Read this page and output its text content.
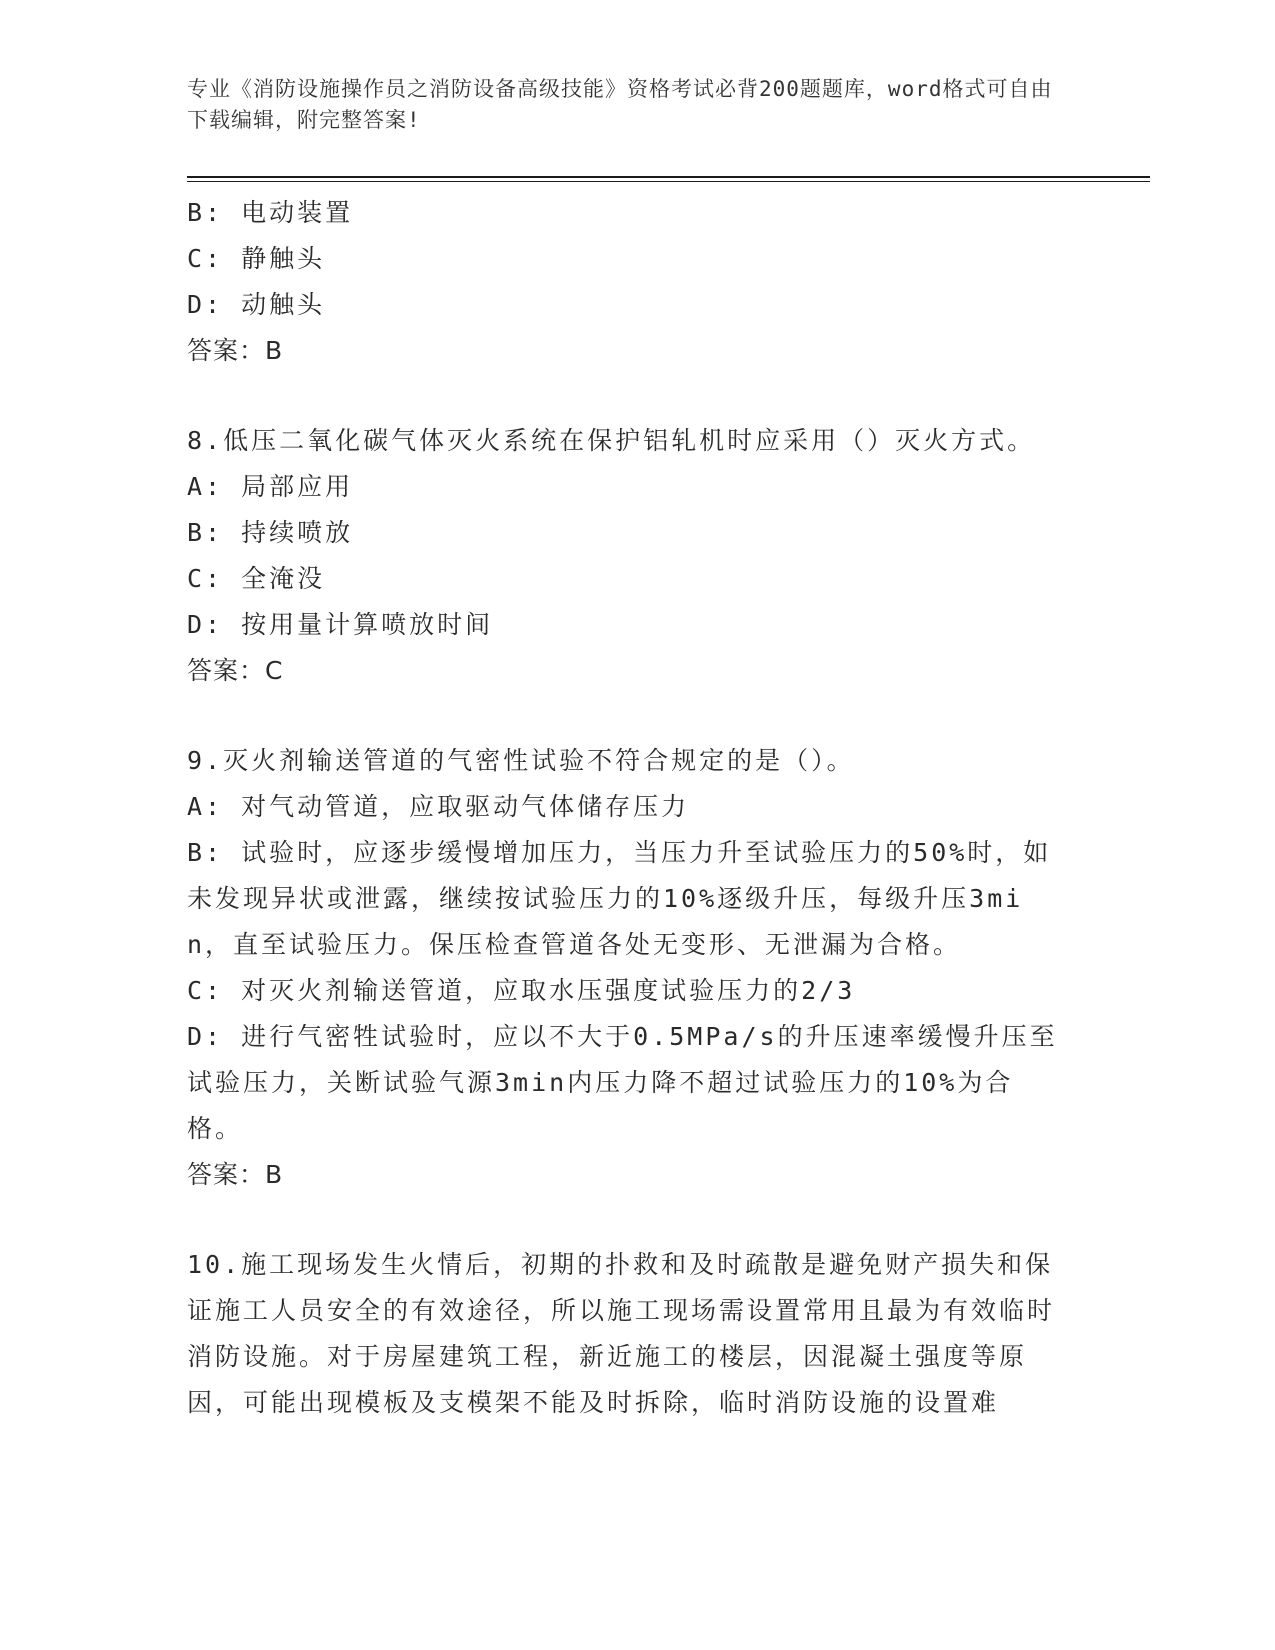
专业《消防设施操作员之消防设备高级技能》资格考试必背200题题库，word格式可自由下载编辑，附完整答案!
B: 电动装置
C: 静触头
D: 动触头
答案：B
8.低压二氧化碳气体灭火系统在保护铝轧机时应采用（）灭火方式。
A: 局部应用
B: 持续喷放
C: 全淹没
D: 按用量计算喷放时间
答案：C
9.灭火剂输送管道的气密性试验不符合规定的是（）。
A: 对气动管道，应取驱动气体储存压力
B: 试验时，应逐步缓慢增加压力，当压力升至试验压力的50%时，如未发现异状或泄露，继续按试验压力的10%逐级升压，每级升压3min，直至试验压力。保压检查管道各处无变形、无泄漏为合格。
C: 对灭火剂输送管道，应取水压强度试验压力的2/3
D: 进行气密牲试验时，应以不大于0.5MPa/s的升压速率缓慢升压至试验压力，关断试验气源3min内压力降不超过试验压力的10%为合格。
答案：B
10.施工现场发生火情后，初期的扑救和及时疏散是避免财产损失和保证施工人员安全的有效途径，所以施工现场需设置常用且最为有效临时消防设施。对于房屋建筑工程，新近施工的楼层，因混凝土强度等原因，可能出现模板及支模架不能及时拆除，临时消防设施的设置难
